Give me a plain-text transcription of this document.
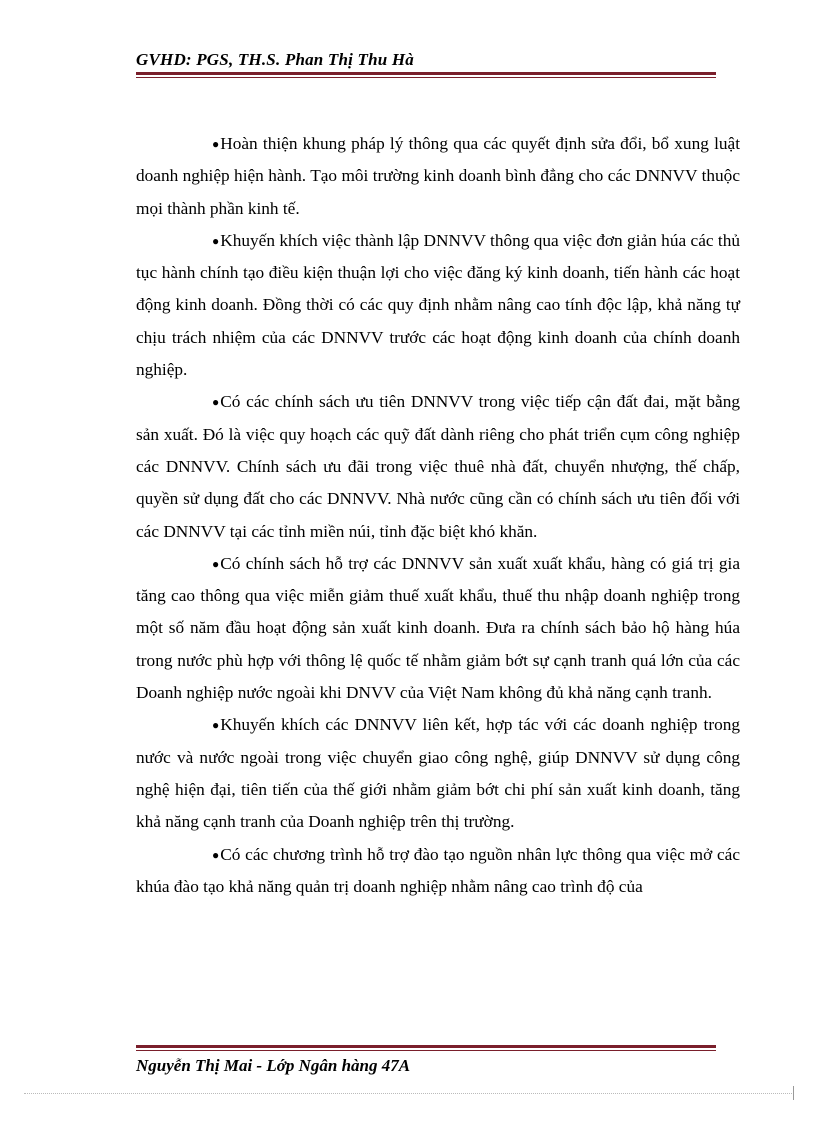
GVHD: PGS, TH.S. Phan Thị Thu Hà

●Hoàn thiện khung pháp lý thông qua các quyết định sửa đổi, bổ xung luật doanh nghiệp hiện hành. Tạo môi trường kinh doanh bình đẳng cho các DNNVV thuộc mọi thành phần kinh tế.

●Khuyến khích việc thành lập DNNVV thông qua việc đơn giản húa các thủ tục hành chính tạo điều kiện thuận lợi cho việc đăng ký kinh doanh, tiến hành các hoạt động kinh doanh. Đồng thời có các quy định nhằm nâng cao tính độc lập, khả năng tự chịu trách nhiệm của các DNNVV trước các hoạt động kinh doanh của chính doanh nghiệp.

●Có các chính sách ưu tiên DNNVV trong việc tiếp cận đất đai, mặt bằng sản xuất. Đó là việc quy hoạch các quỹ đất dành riêng cho phát triển cụm công nghiệp các DNNVV. Chính sách ưu đãi trong việc thuê nhà đất, chuyển nhượng, thế chấp, quyền sử dụng đất cho các DNNVV. Nhà nước cũng cần có chính sách ưu tiên đối với các DNNVV tại các tỉnh miền núi, tỉnh đặc biệt khó khăn.

●Có chính sách hỗ trợ các DNNVV sản xuất xuất khẩu, hàng có giá trị gia tăng cao thông qua việc miễn giảm thuế xuất khẩu, thuế thu nhập doanh nghiệp trong một số năm đầu hoạt động sản xuất kinh doanh. Đưa ra chính sách bảo hộ hàng húa trong nước phù hợp với thông lệ quốc tế nhằm giảm bớt sự cạnh tranh quá lớn của các Doanh nghiệp nước ngoài khi DNVV của Việt Nam không đủ khả năng cạnh tranh.

●Khuyến khích các DNNVV liên kết, hợp tác với các doanh nghiệp trong nước và nước ngoài trong việc chuyển giao công nghệ, giúp DNNVV sử dụng công nghệ hiện đại, tiên tiến của thế giới nhằm giảm bớt chi phí sản xuất kinh doanh, tăng khả năng cạnh tranh của Doanh nghiệp trên thị trường.

●Có các chương trình hỗ trợ đào tạo nguồn nhân lực thông qua việc mở các khúa đào tạo khả năng quản trị doanh nghiệp nhằm nâng cao trình độ của

Nguyễn Thị Mai - Lớp Ngân hàng 47A
